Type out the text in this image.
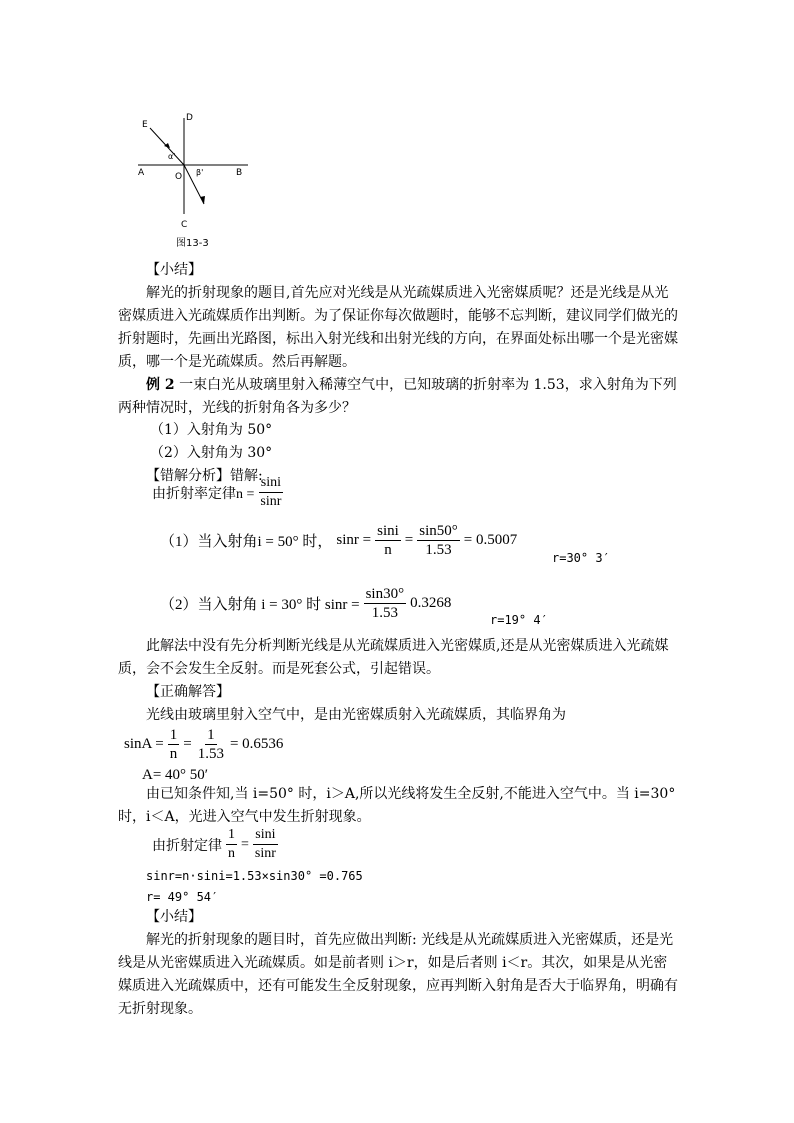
E
D
α'
A	O β'	B
C
图13-3
【小结】
解光的折射现象的题目,首先应对光线是从光疏媒质进入光密媒质呢？还是光线是从光
密媒质进入光疏媒质作出判断。为了保证你每次做题时，能够不忘判断，建议同学们做光的
折射题时，先画出光路图，标出入射光线和出射光线的方向，在界面处标出哪一个是光密媒
质，哪一个是光疏媒质。然后再解题。
例 2 一束白光从玻璃里射入稀薄空气中，已知玻璃的折射率为 1.53，求入射角为下列
两种情况时，光线的折射角各为多少？
（1）入射角为 50°
（2）入射角为 30°
【错解分析】错解:
由折射率定律$n = \frac{\sin i}{\sin r}$
（1）当入射角i = 50° 时， $\sin r = \frac{\sin i}{n} = \frac{\sin 50^\circ}{1.53} = 0.5007$
r=30° 3′
（2）当入射角 i = 30° 时 $\sin r = \frac{\sin 30^\circ}{1.53} 0.3268$
r=19° 4′
此解法中没有先分析判断光线是从光疏媒质进入光密媒质,还是从光密媒质进入光疏媒
质，会不会发生全反射。而是死套公式，引起错误。
【正确解答】
光线由玻璃里射入空气中，是由光密媒质射入光疏媒质，其临界角为
$\sin A = \frac{1}{n} = \frac{1}{1.53} = 0.6536$
A= 40° 50′
由已知条件知,当 i=50° 时，i＞A,所以光线将发生全反射,不能进入空气中。当 i=30°
时，i＜A，光进入空气中发生折射现象。
由折射定律 $\frac{1}{n} = \frac{\sin i}{\sin r}$
sinr=n·sini=1.53×sin30° =0.765
r= 49° 54′
【小结】
解光的折射现象的题目时，首先应做出判断: 光线是从光疏媒质进入光密媒质，还是光
线是从光密媒质进入光疏媒质。如是前者则 i＞r，如是后者则 i＜r。其次，如果是从光密
媒质进入光疏媒质中，还有可能发生全反射现象，应再判断入射角是否大于临界角，明确有
无折射现象。
